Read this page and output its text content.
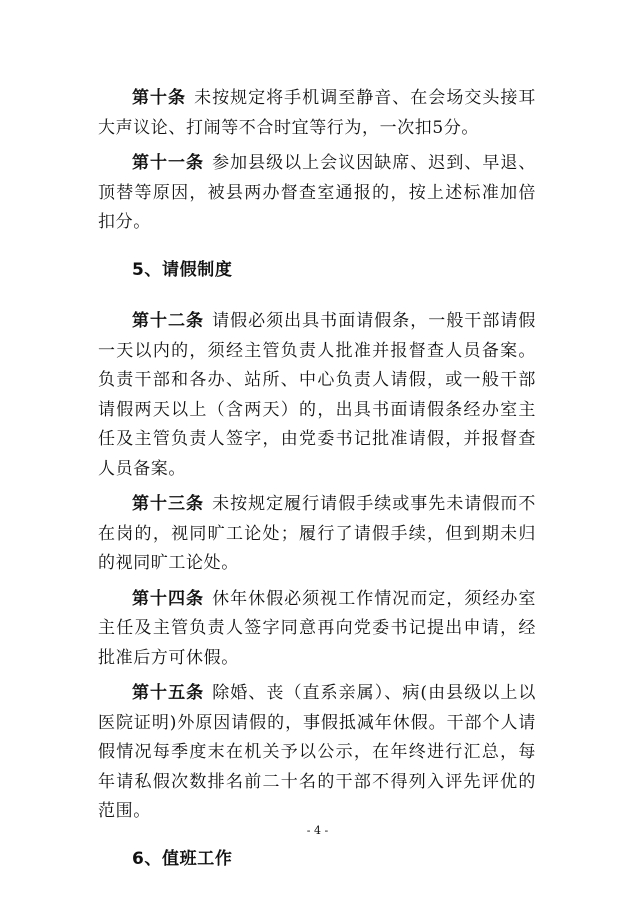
第十条 未按规定将手机调至静音、在会场交头接耳大声议论、打闹等不合时宜等行为，一次扣5分。

第十一条 参加县级以上会议因缺席、迟到、早退、顶替等原因，被县两办督查室通报的，按上述标准加倍扣分。

5、请假制度

第十二条 请假必须出具书面请假条，一般干部请假一天以内的，须经主管负责人批准并报督查人员备案。负责干部和各办、站所、中心负责人请假，或一般干部请假两天以上（含两天）的，出具书面请假条经办室主任及主管负责人签字，由党委书记批准请假，并报督查人员备案。

第十三条 未按规定履行请假手续或事先未请假而不在岗的，视同旷工论处；履行了请假手续，但到期未归的视同旷工论处。

第十四条 休年休假必须视工作情况而定，须经办室主任及主管负责人签字同意再向党委书记提出申请，经批准后方可休假。

第十五条 除婚、丧（直系亲属）、病(由县级以上以医院证明)外原因请假的，事假抵减年休假。干部个人请假情况每季度末在机关予以公示，在年终进行汇总，每年请私假次数排名前二十名的干部不得列入评先评优的范围。

6、值班工作

- 4 -
